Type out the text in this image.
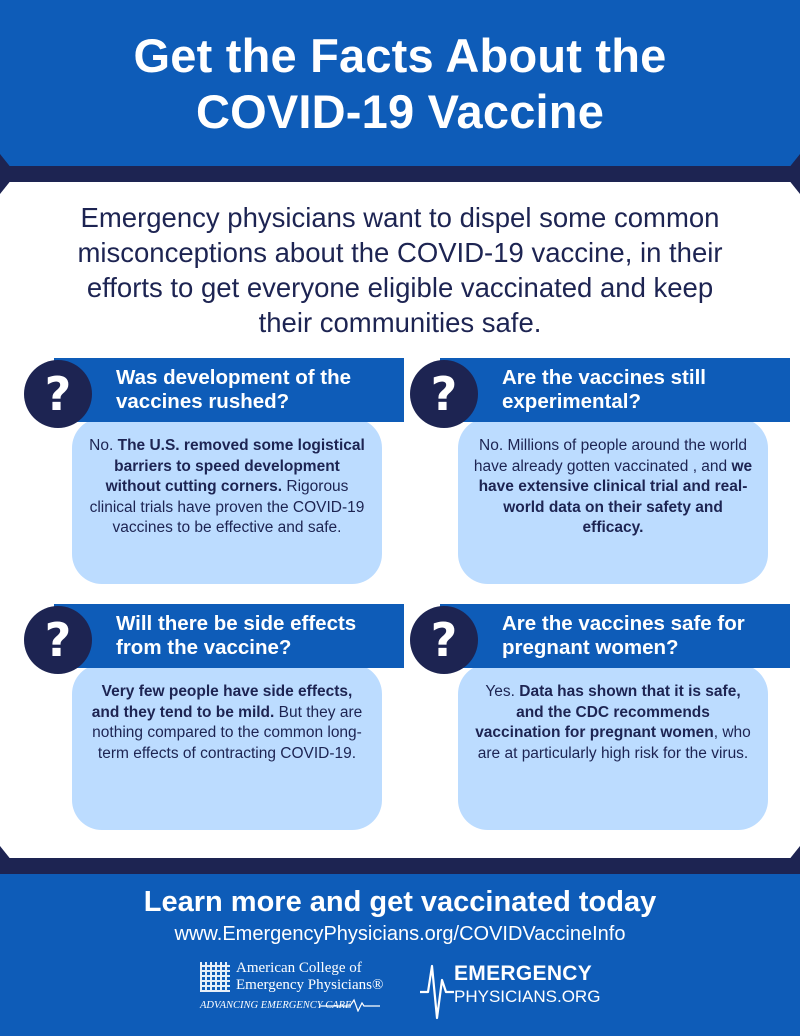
Get the Facts About the
COVID-19 Vaccine
Emergency physicians want to dispel some common misconceptions about the COVID-19 vaccine, in their efforts to get everyone eligible vaccinated and keep their communities safe.
No. The U.S. removed some logistical barriers to speed development without cutting corners. Rigorous clinical trials have proven the COVID-19 vaccines to be effective and safe.
Was development of the vaccines rushed?
?
No. Millions of people around the world have already gotten vaccinated , and we have extensive clinical trial and real-world data on their safety and efficacy.
Are the vaccines still experimental?
?
Very few people have side effects, and they tend to be mild. But they are nothing compared to the common long-term effects of contracting COVID-19.
Will there be side effects from the vaccine?
?
Yes. Data has shown that it is safe, and the CDC recommends vaccination for pregnant women, who are at particularly high risk for the virus.
Are the vaccines safe for pregnant women?
?
Learn more and get vaccinated today
www.EmergencyPhysicians.org/COVIDVaccineInfo
American College of
Emergency Physicians®
ADVANCING EMERGENCY CARE
EMERGENCY
PHYSICIANS.ORG
